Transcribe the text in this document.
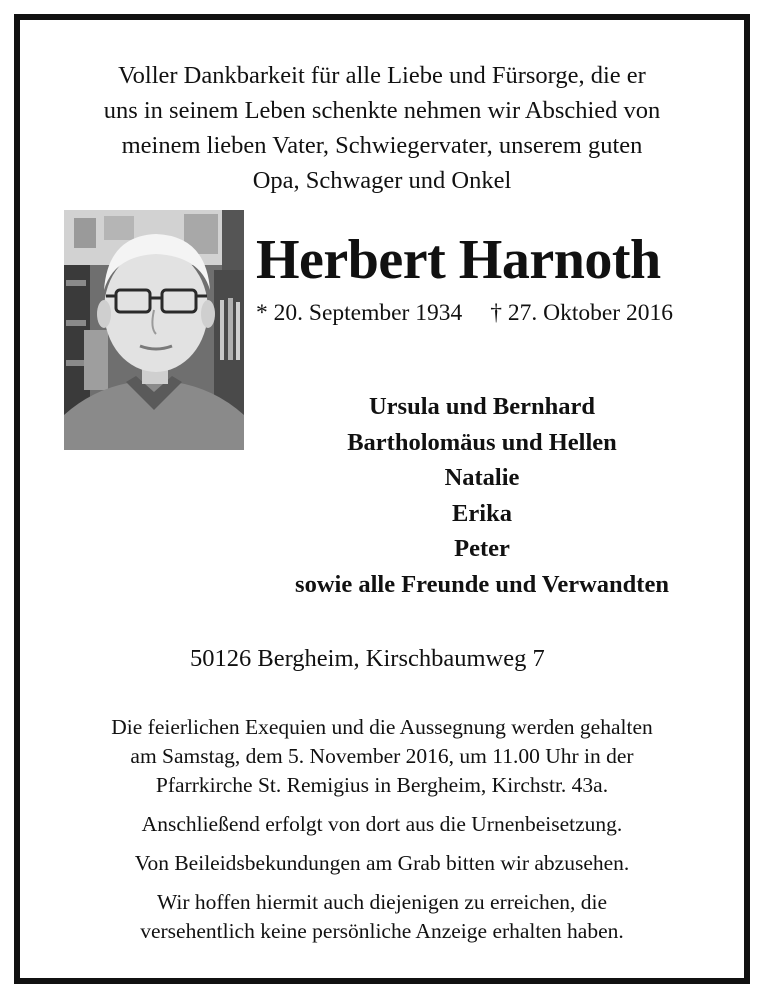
Voller Dankbarkeit für alle Liebe und Fürsorge, die er
uns in seinem Leben schenkte nehmen wir Abschied von
meinem lieben Vater, Schwiegervater, unserem guten
Opa, Schwager und Onkel

Herbert Harnoth
* 20. September 1934 † 27. Oktober 2016
Ursula und Bernhard
Bartholomäus und Hellen
Natalie
Erika
Peter
sowie alle Freunde und Verwandten
50126 Bergheim, Kirschbaumweg 7

Die feierlichen Exequien und die Aussegnung werden gehalten
am Samstag, dem 5. November 2016, um 11.00 Uhr in der
Pfarrkirche St. Remigius in Bergheim, Kirchstr. 43a.

Anschließend erfolgt von dort aus die Urnenbeisetzung.

Von Beileidsbekundungen am Grab bitten wir abzusehen.

Wir hoffen hiermit auch diejenigen zu erreichen, die
versehentlich keine persönliche Anzeige erhalten haben.
